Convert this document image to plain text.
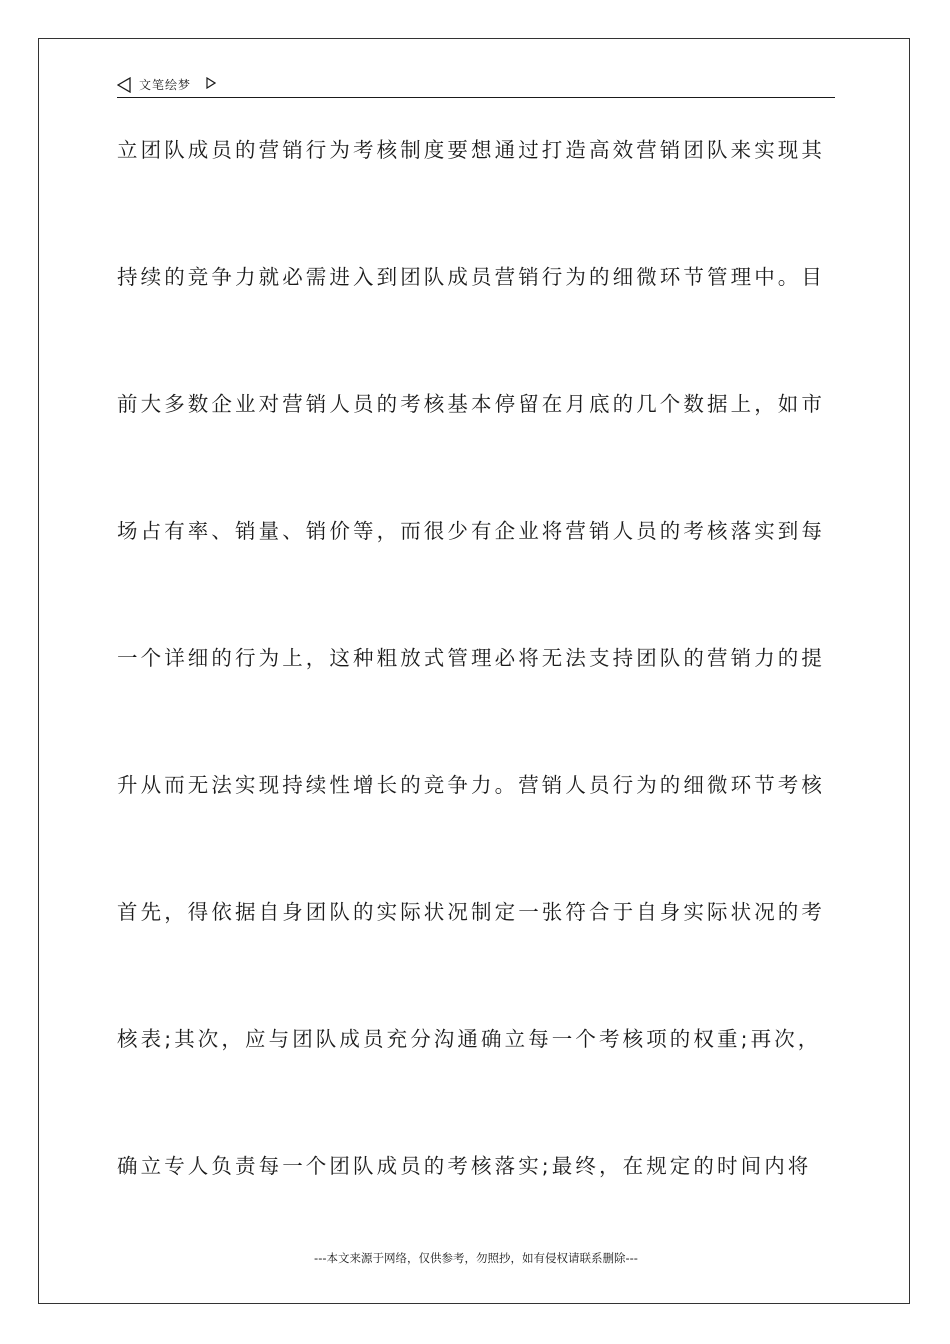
文笔绘梦
立团队成员的营销行为考核制度要想通过打造高效营销团队来实现其
持续的竞争力就必需进入到团队成员营销行为的细微环节管理中。目
前大多数企业对营销人员的考核基本停留在月底的几个数据上，如市
场占有率、销量、销价等，而很少有企业将营销人员的考核落实到每
一个详细的行为上，这种粗放式管理必将无法支持团队的营销力的提
升从而无法实现持续性增长的竞争力。营销人员行为的细微环节考核
首先，得依据自身团队的实际状况制定一张符合于自身实际状况的考
核表;其次，应与团队成员充分沟通确立每一个考核项的权重;再次，
确立专人负责每一个团队成员的考核落实;最终，在规定的时间内将
---本文来源于网络，仅供参考，勿照抄，如有侵权请联系删除---
